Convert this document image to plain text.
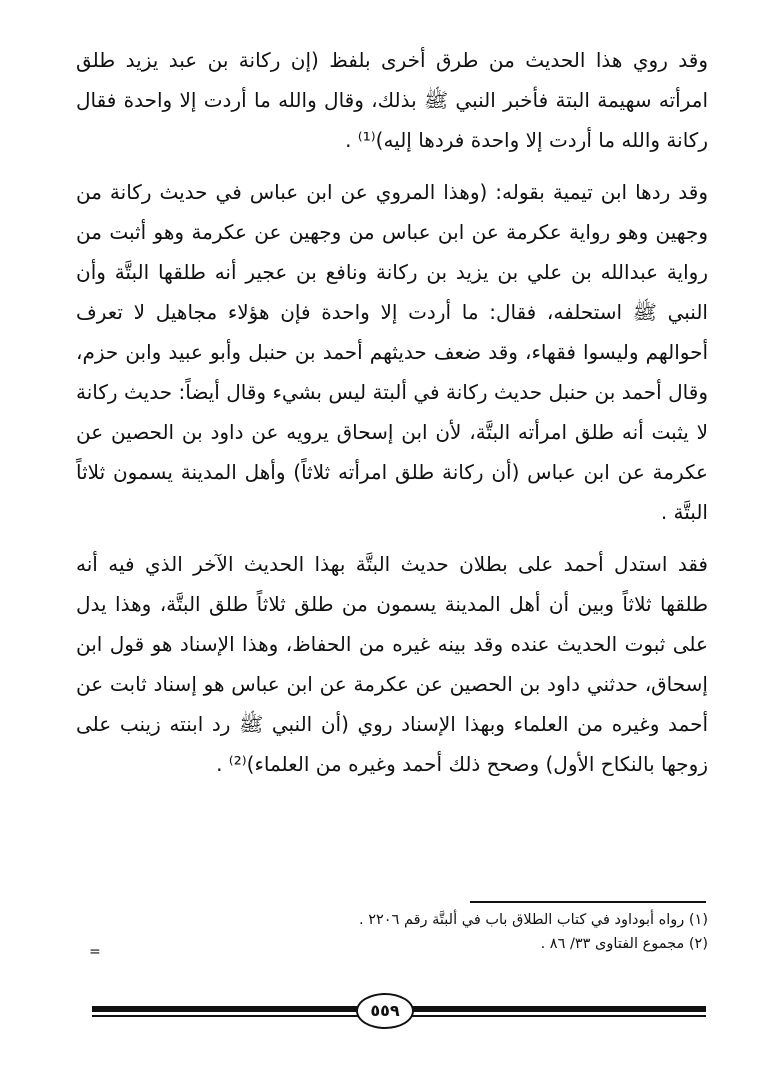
وقد روي هذا الحديث من طرق أخرى بلفظ (إن ركانة بن عبد يزيد طلق امرأته سهيمة البتة فأخبر النبي ﷺ بذلك، وقال والله ما أردت إلا واحدة فقال ركانة والله ما أردت إلا واحدة فردها إليه)⁽¹⁾ .

وقد ردها ابن تيمية بقوله: (وهذا المروي عن ابن عباس في حديث ركانة من وجهين وهو رواية عكرمة عن ابن عباس من وجهين عن عكرمة وهو أثبت من رواية عبدالله بن علي بن يزيد بن ركانة ونافع بن عجير أنه طلقها البتَّة وأن النبي ﷺ استحلفه، فقال: ما أردت إلا واحدة فإن هؤلاء مجاهيل لا تعرف أحوالهم وليسوا فقهاء، وقد ضعف حديثهم أحمد بن حنبل وأبو عبيد وابن حزم، وقال أحمد بن حنبل حديث ركانة في ألبتة ليس بشيء وقال أيضاً: حديث ركانة لا يثبت أنه طلق امرأته البتَّة، لأن ابن إسحاق يرويه عن داود بن الحصين عن عكرمة عن ابن عباس (أن ركانة طلق امرأته ثلاثاً) وأهل المدينة يسمون ثلاثاً البتَّة .

فقد استدل أحمد على بطلان حديث البتَّة بهذا الحديث الآخر الذي فيه أنه طلقها ثلاثاً وبين أن أهل المدينة يسمون من طلق ثلاثاً طلق البتَّة، وهذا يدل على ثبوت الحديث عنده وقد بينه غيره من الحفاظ، وهذا الإسناد هو قول ابن إسحاق، حدثني داود بن الحصين عن عكرمة عن ابن عباس هو إسناد ثابت عن أحمد وغيره من العلماء وبهذا الإسناد روي (أن النبي ﷺ رد ابنته زينب على زوجها بالنكاح الأول) وصحح ذلك أحمد وغيره من العلماء)⁽²⁾ .

(١) رواه أبوداود في كتاب الطلاق باب في ألبتَّة رقم ٢٢٠٦ .

(٢) مجموع الفتاوى ٣٣/ ٨٦ .

=
٥٥٩
